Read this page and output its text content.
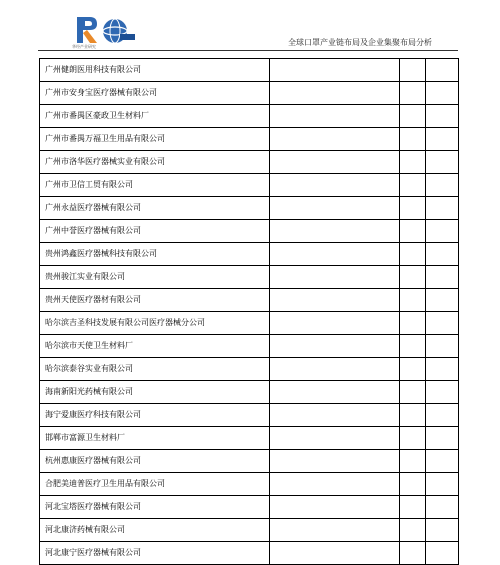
华经产业研究	全球口罩产业链布局及企业集聚布局分析
广州健朗医用科技有限公司			
广州市安身宝医疗器械有限公司			
广州市番禺区豪政卫生材料厂			
广州市番禺万福卫生用品有限公司			
广州市洛华医疗器械实业有限公司			
广州市卫信工贸有限公司			
广州永益医疗器械有限公司			
广州中誉医疗器械有限公司			
贵州鸿鑫医疗器械科技有限公司			
贵州骏江实业有限公司			
贵州天使医疗器材有限公司			
哈尔滨吉圣科技发展有限公司医疗器械分公司			
哈尔滨市天使卫生材料厂			
哈尔滨泰谷实业有限公司			
海南新阳光药械有限公司			
海宁爱康医疗科技有限公司			
邯郸市富源卫生材料厂			
杭州惠康医疗器械有限公司			
合肥美迪普医疗卫生用品有限公司			
河北宝塔医疗器械有限公司			
河北康济药械有限公司			
河北康宁医疗器械有限公司			
